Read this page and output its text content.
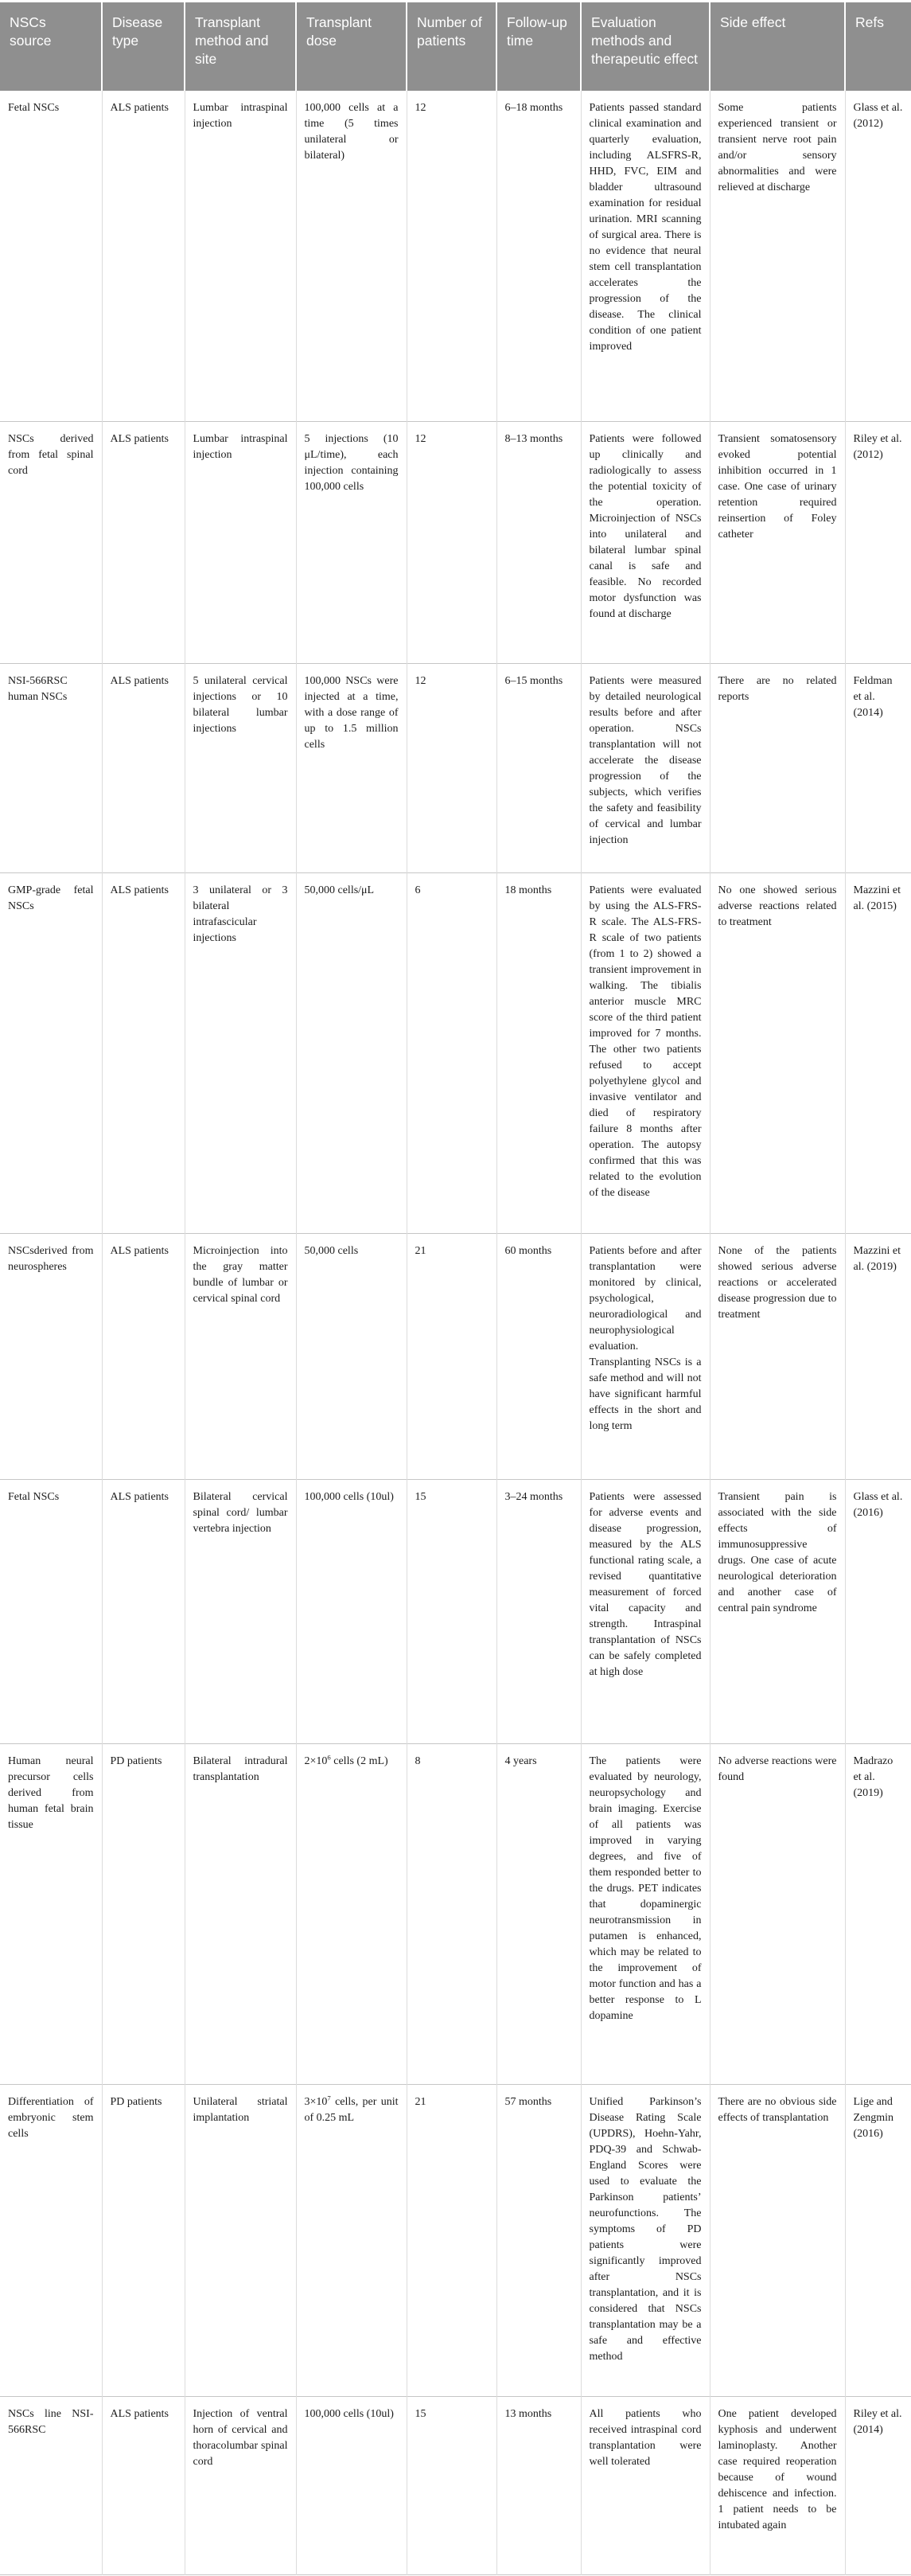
NSCs source	Disease type	Transplant method and site	Transplant dose	Number of patients	Follow-up time	Evaluation methods and therapeutic effect	Side effect	Refs
Fetal NSCs	ALS patients	Lumbar intraspinal injection	100,000 cells at a time (5 times unilateral or bilateral)	12	6–18 months	Patients passed standard clinical examination and quarterly evaluation, including ALSFRS-R, HHD, FVC, EIM and bladder ultrasound examination for residual urination. MRI scanning of surgical area. There is no evidence that neural stem cell transplantation accelerates the progression of the disease. The clinical condition of one patient improved	Some patients experienced transient or transient nerve root pain and/or sensory abnormalities and were relieved at discharge	Glass et al. (2012)
NSCs derived from fetal spinal cord	ALS patients	Lumbar intraspinal injection	5 injections (10 μL/time), each injection containing 100,000 cells	12	8–13 months	Patients were followed up clinically and radiologically to assess the potential toxicity of the operation. Microinjection of NSCs into unilateral and bilateral lumbar spinal canal is safe and feasible. No recorded motor dysfunction was found at discharge	Transient somatosensory evoked potential inhibition occurred in 1 case. One case of urinary retention required reinsertion of Foley catheter	Riley et al. (2012)
NSI-566RSC human NSCs	ALS patients	5 unilateral cervical injections or 10 bilateral lumbar injections	100,000 NSCs were injected at a time, with a dose range of up to 1.5 million cells	12	6–15 months	Patients were measured by detailed neurological results before and after operation. NSCs transplantation will not accelerate the disease progression of the subjects, which verifies the safety and feasibility of cervical and lumbar injection	There are no related reports	Feldman et al. (2014)
GMP-grade fetal NSCs	ALS patients	3 unilateral or 3 bilateral intrafascicular injections	50,000 cells/μL	6	18 months	Patients were evaluated by using the ALS-FRS-R scale. The ALS-FRS-R scale of two patients (from 1 to 2) showed a transient improvement in walking. The tibialis anterior muscle MRC score of the third patient improved for 7 months. The other two patients refused to accept polyethylene glycol and invasive ventilator and died of respiratory failure 8 months after operation. The autopsy confirmed that this was related to the evolution of the disease	No one showed serious adverse reactions related to treatment	Mazzini et al. (2015)
NSCsderived from neurospheres	ALS patients	Microinjection into the gray matter bundle of lumbar or cervical spinal cord	50,000 cells	21	60 months	Patients before and after transplantation were monitored by clinical, psychological, neuroradiological and neurophysiological evaluation. Transplanting NSCs is a safe method and will not have significant harmful effects in the short and long term	None of the patients showed serious adverse reactions or accelerated disease progression due to treatment	Mazzini et al. (2019)
Fetal NSCs	ALS patients	Bilateral cervical spinal cord/ lumbar vertebra injection	100,000 cells (10ul)	15	3–24 months	Patients were assessed for adverse events and disease progression, measured by the ALS functional rating scale, a revised quantitative measurement of forced vital capacity and strength. Intraspinal transplantation of NSCs can be safely completed at high dose	Transient pain is associated with the side effects of immunosuppressive drugs. One case of acute neurological deterioration and another case of central pain syndrome	Glass et al. (2016)
Human neural precursor cells derived from human fetal brain tissue	PD patients	Bilateral intradural transplantation	$2\times 10^6$ cells (2 mL)	8	4 years	The patients were evaluated by neurology, neuropsychology and brain imaging. Exercise of all patients was improved in varying degrees, and five of them responded better to the drugs. PET indicates that dopaminergic neurotransmission in putamen is enhanced, which may be related to the improvement of motor function and has a better response to L dopamine	No adverse reactions were found	Madrazo et al. (2019)
Differentiation of embryonic stem cells	PD patients	Unilateral striatal implantation	$3\times 10^7$ cells, per unit of 0.25 mL	21	57 months	Unified Parkinson’s Disease Rating Scale (UPDRS), Hoehn-Yahr, PDQ-39 and Schwab-England Scores were used to evaluate the Parkinson patients’ neurofunctions. The symptoms of PD patients were significantly improved after NSCs transplantation, and it is considered that NSCs transplantation may be a safe and effective method	There are no obvious side effects of transplantation	Lige and Zengmin (2016)
NSCs line NSI-566RSC	ALS patients	Injection of ventral horn of cervical and thoracolumbar spinal cord	100,000 cells (10ul)	15	13 months	All patients who received intraspinal cord transplantation were well tolerated	One patient developed kyphosis and underwent laminoplasty. Another case required reoperation because of wound dehiscence and infection. 1 patient needs to be intubated again	Riley et al. (2014)
